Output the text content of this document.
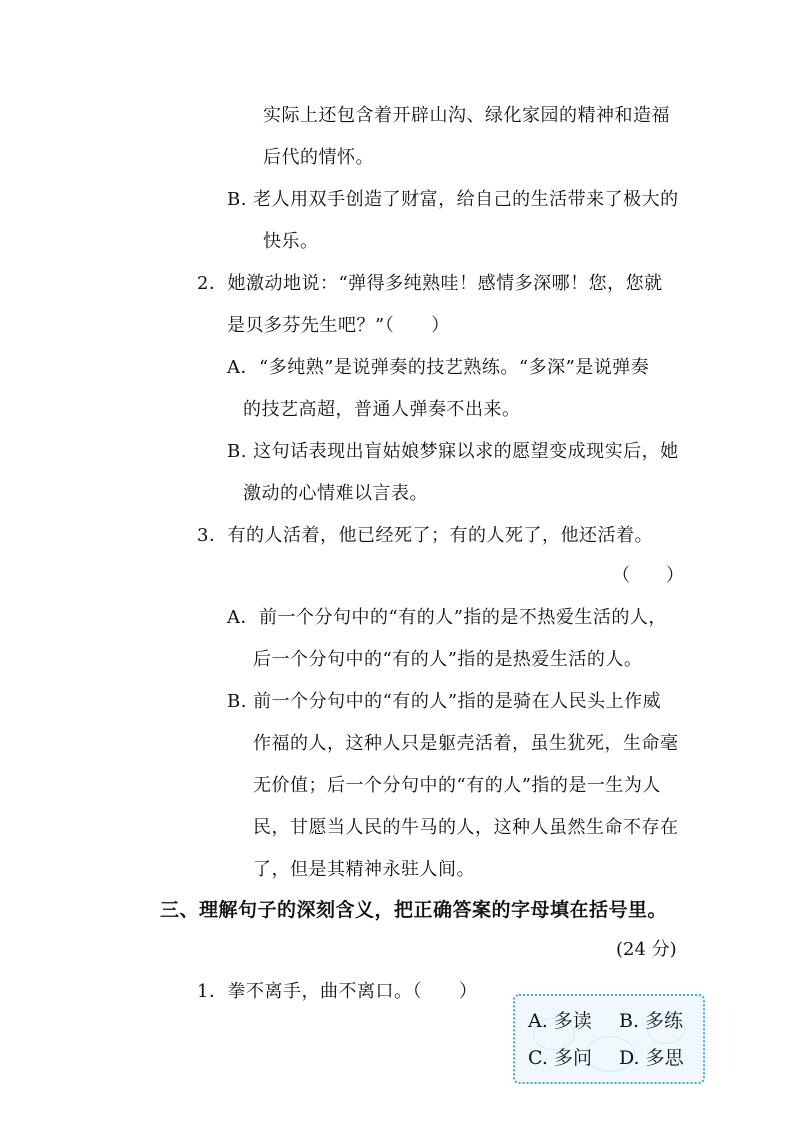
实际上还包含着开辟山沟、绿化家园的精神和造福
后代的情怀。
B. 老人用双手创造了财富，给自己的生活带来了极大的
快乐。
2．她激动地说：“弹得多纯熟哇！感情多深哪！您，您就
是贝多芬先生吧？”（　　）
A．“多纯熟”是说弹奏的技艺熟练。“多深”是说弹奏
的技艺高超，普通人弹奏不出来。
B. 这句话表现出盲姑娘梦寐以求的愿望变成现实后，她
激动的心情难以言表。
3．有的人活着，他已经死了；有的人死了，他还活着。
（　　）
A．前一个分句中的“有的人”指的是不热爱生活的人，
后一个分句中的“有的人”指的是热爱生活的人。
B. 前一个分句中的“有的人”指的是骑在人民头上作威
作福的人，这种人只是躯壳活着，虽生犹死，生命毫
无价值；后一个分句中的“有的人”指的是一生为人
民，甘愿当人民的牛马的人，这种人虽然生命不存在
了，但是其精神永驻人间。
三、理解句子的深刻含义，把正确答案的字母填在括号里。
(24 分)
1．拳不离手，曲不离口。（　　）
A. 多读 B. 多练
C. 多问 D. 多思
